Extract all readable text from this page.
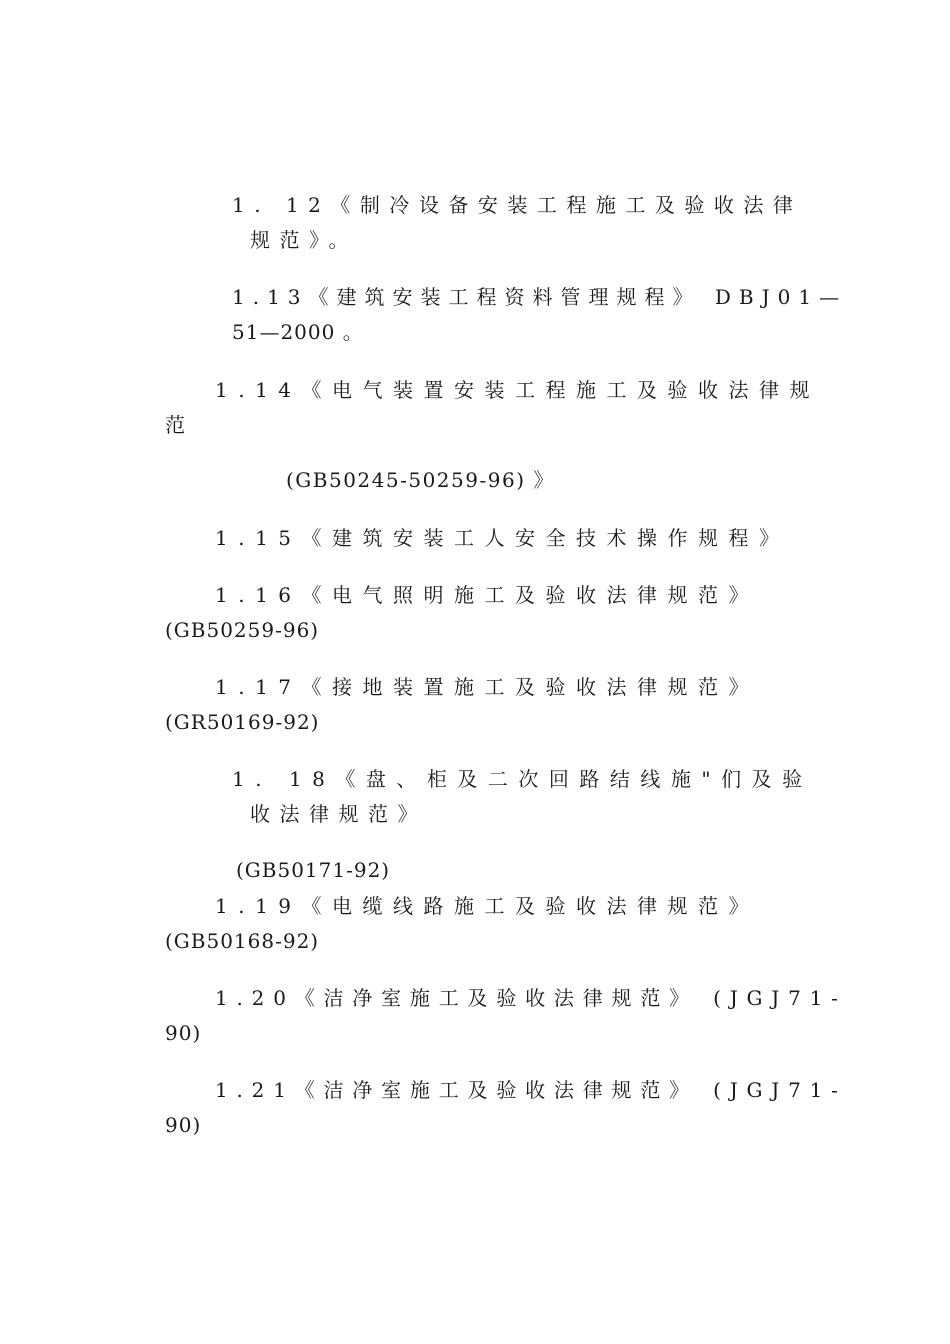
1. 12《制冷设备安装工程施工及验收法律
规范》。
1.13《建筑安装工程资料管理规程》 DBJ01—
51—2000 。
1.14《电气装置安装工程施工及验收法律规
范
(GB50245-50259-96) 》
1.15《建筑安装工人安全技术操作规程》
1.16《电气照明施工及验收法律规范》
(GB50259-96)
1.17《接地装置施工及验收法律规范》
(GR50169-92)
1. 18《盘、柜及二次回路结线施"们及验
收法律规范》
(GB50171-92)
1.19《电缆线路施工及验收法律规范》
(GB50168-92)
1.20《洁净室施工及验收法律规范》 (JGJ71-
90)
1.21《洁净室施工及验收法律规范》 (JGJ71-
90)
